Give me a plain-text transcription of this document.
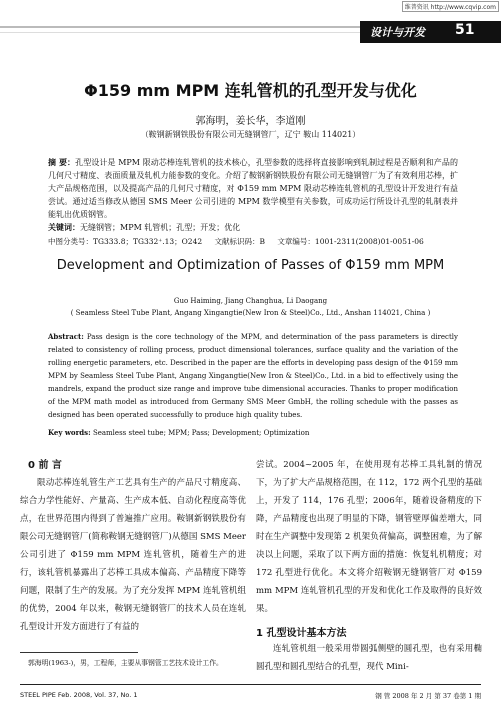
维普资讯 http://www.cqvip.com
设计与开发 51
Φ159 mm MPM 连轧管机的孔型开发与优化
郭海明，姜长华，李道刚
（鞍钢新钢铁股份有限公司无缝钢管厂，辽宁 鞍山 114021）
摘 要：孔型设计是 MPM 限动芯棒连轧管机的技术核心，孔型参数的选择将直接影响到轧制过程是否顺利和产品的几何尺寸精度、表面质量及轧机力能参数的变化。介绍了鞍钢新钢铁股份有限公司无缝钢管厂为了有效利用芯棒，扩大产品规格范围，以及提高产品的几何尺寸精度，对 Φ159 mm MPM 限动芯棒连轧管机的孔型设计开发进行有益尝试。通过适当修改从德国 SMS Meer 公司引进的 MPM 数学模型有关参数，可成功运行所设计孔型的轧制表并能轧出优质钢管。
关键词：无缝钢管；MPM 轧管机；孔型；开发；优化
中图分类号：TG333.8；TG332⁺.13；O242 文献标识码：B 文章编号：1001-2311(2008)01-0051-06
Development and Optimization of Passes of Φ159 mm MPM
Guo Haiming, Jiang Changhua, Li Daogang
( Seamless Steel Tube Plant, Angang Xingangtie(New Iron & Steel)Co., Ltd., Anshan 114021, China )
Abstract: Pass design is the core technology of the MPM, and determination of the pass parameters is directly related to consistency of rolling process, product dimensional tolerances, surface quality and the variation of the rolling energetic parameters, etc. Described in the paper are the efforts in developing pass design of the Φ159 mm MPM by Seamless Steel Tube Plant, Angang Xingangtie(New Iron & Steel)Co., Ltd. in a bid to effectively using the mandrels, expand the product size range and improve tube dimensional accuracies. Thanks to proper modification of the MPM math model as introduced from Germany SMS Meer GmbH, the rolling schedule with the passes as designed has been operated successfully to produce high quality tubes.
Key words: Seamless steel tube; MPM; Pass; Development; Optimization
0 前 言
限动芯棒连轧管生产工艺具有生产的产品尺寸精度高、综合力学性能好、产量高、生产成本低、自动化程度高等优点，在世界范围内得到了普遍推广应用。鞍钢新钢铁股份有限公司无缝钢管厂(简称鞍钢无缝钢管厂)从德国 SMS Meer 公司引进了 Φ159 mm MPM 连轧管机，随着生产的进行，该轧管机暴露出了芯棒工具成本偏高、产品精度下降等问题，限制了生产的发展。为了充分发挥 MPM 连轧管机组的优势，2004 年以来，鞍钢无缝钢管厂的技术人员在连轧孔型设计开发方面进行了有益的
尝试。2004~2005 年，在使用现有芯棒工具轧制的情况下，为了扩大产品规格范围，在 112，172 两个孔型的基础上，开发了 114，176 孔型；2006年，随着设备精度的下降，产品精度也出现了明显的下降，钢管壁厚偏差增大，同时在生产调整中发现第 2 机架负荷偏高，调整困难，为了解决以上问题，采取了以下两方面的措施：恢复轧机精度；对 172 孔型进行优化。本文将介绍鞍钢无缝钢管厂对 Φ159 mm MPM 连轧管机孔型的开发和优化工作及取得的良好效果。
1 孔型设计基本方法
连轧管机组一般采用带圆弧侧壁的圆孔型，也有采用椭圆孔型和圆孔型结合的孔型，现代 Mini-
郭海明(1963-)，男，工程师，主要从事钢管工艺技术设计工作。
STEEL PIPE Feb. 2008, Vol. 37, No. 1	钢 管 2008 年 2 月 第 37 卷第 1 期
